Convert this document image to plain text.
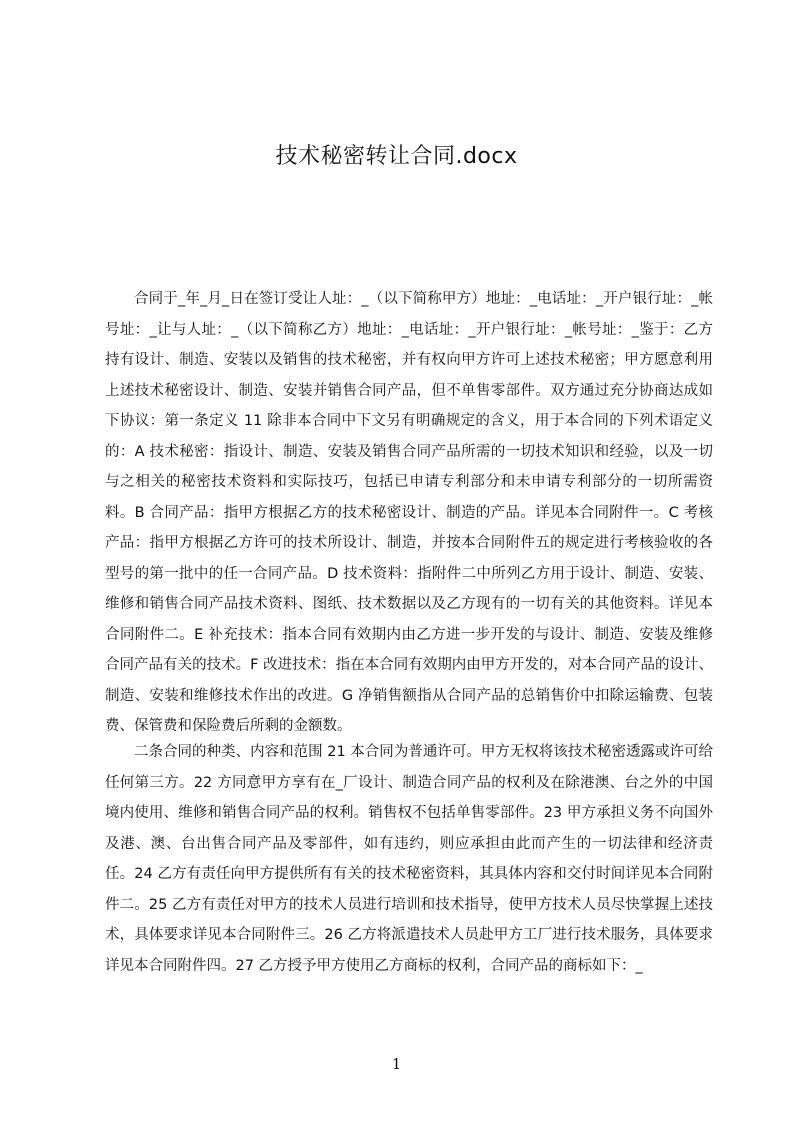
技术秘密转让合同.docx

合同于_年_月_日在签订受让人址：_（以下简称甲方）地址：_电话址：_开户银行址：_帐号址：_让与人址：_（以下简称乙方）地址：_电话址：_开户银行址：_帐号址：_鉴于：乙方持有设计、制造、安装以及销售的技术秘密，并有权向甲方许可上述技术秘密；甲方愿意利用上述技术秘密设计、制造、安装并销售合同产品，但不单售零部件。双方通过充分协商达成如下协议：第一条定义 11 除非本合同中下文另有明确规定的含义，用于本合同的下列术语定义的：A 技术秘密：指设计、制造、安装及销售合同产品所需的一切技术知识和经验，以及一切与之相关的秘密技术资料和实际技巧，包括已申请专利部分和未申请专利部分的一切所需资料。B 合同产品：指甲方根据乙方的技术秘密设计、制造的产品。详见本合同附件一。C 考核产品：指甲方根据乙方许可的技术所设计、制造，并按本合同附件五的规定进行考核验收的各型号的第一批中的任一合同产品。D 技术资料：指附件二中所列乙方用于设计、制造、安装、维修和销售合同产品技术资料、图纸、技术数据以及乙方现有的一切有关的其他资料。详见本合同附件二。E 补充技术：指本合同有效期内由乙方进一步开发的与设计、制造、安装及维修合同产品有关的技术。F 改进技术：指在本合同有效期内由甲方开发的，对本合同产品的设计、制造、安装和维修技术作出的改进。G 净销售额指从合同产品的总销售价中扣除运输费、包装费、保管费和保险费后所剩的金额数。

二条合同的种类、内容和范围 21 本合同为普通许可。甲方无权将该技术秘密透露或许可给任何第三方。22 方同意甲方享有在_厂设计、制造合同产品的权利及在除港澳、台之外的中国境内使用、维修和销售合同产品的权利。销售权不包括单售零部件。23 甲方承担义务不向国外及港、澳、台出售合同产品及零部件，如有违约，则应承担由此而产生的一切法律和经济责任。24 乙方有责任向甲方提供所有有关的技术秘密资料，其具体内容和交付时间详见本合同附件二。25 乙方有责任对甲方的技术人员进行培训和技术指导，使甲方技术人员尽快掌握上述技术，具体要求详见本合同附件三。26 乙方将派遣技术人员赴甲方工厂进行技术服务，具体要求详见本合同附件四。27 乙方授予甲方使用乙方商标的权利，合同产品的商标如下：_

1
